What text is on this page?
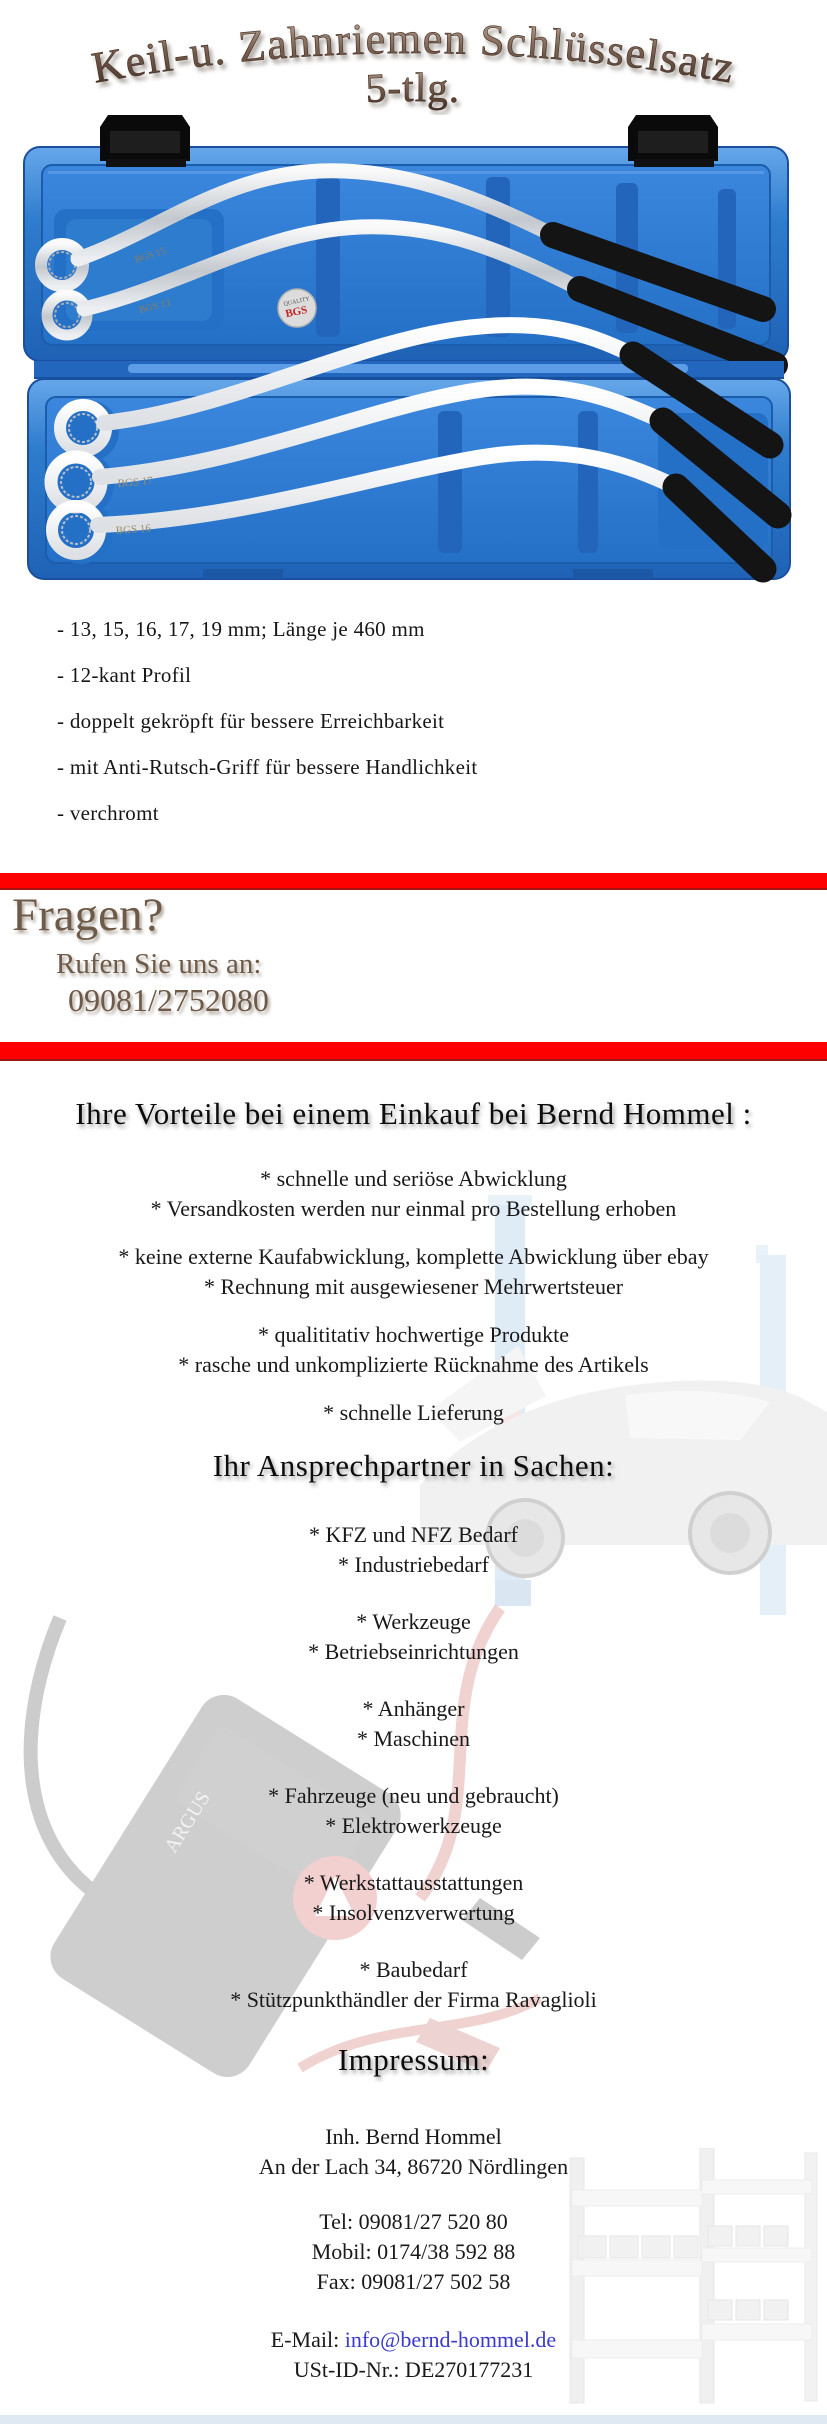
Keil-u. Zahnriemen Schlüsselsatz
5-tlg.
BGS 15
BGS 13	QUALITY
BGS
BGS 17
BGS 16
- 13, 15, 16, 17, 19 mm; Länge je 460 mm
- 12-kant Profil
- doppelt gekröpft für bessere Erreichbarkeit
- mit Anti-Rutsch-Griff für bessere Handlichkeit
- verchromt
Fragen?
Rufen Sie uns an:
09081/2752080
ARGUS
Ihre Vorteile bei einem Einkauf bei Bernd Hommel :
* schnelle und seriöse Abwicklung
* Versandkosten werden nur einmal pro Bestellung erhoben
* keine externe Kaufabwicklung, komplette Abwicklung über ebay
* Rechnung mit ausgewiesener Mehrwertsteuer
* qualititativ hochwertige Produkte
* rasche und unkomplizierte Rücknahme des Artikels
* schnelle Lieferung
Ihr Ansprechpartner in Sachen:
* KFZ und NFZ Bedarf
* Industriebedarf
* Werkzeuge
* Betriebseinrichtungen
* Anhänger
* Maschinen
* Fahrzeuge (neu und gebraucht)
* Elektrowerkzeuge
* Werkstattausstattungen
* Insolvenzverwertung
* Baubedarf
* Stützpunkthändler der Firma Ravaglioli
Impressum:
Inh. Bernd Hommel
An der Lach 34, 86720 Nördlingen
Tel: 09081/27 520 80
Mobil: 0174/38 592 88
Fax: 09081/27 502 58
E-Mail: info@bernd-hommel.de
USt-ID-Nr.: DE270177231
